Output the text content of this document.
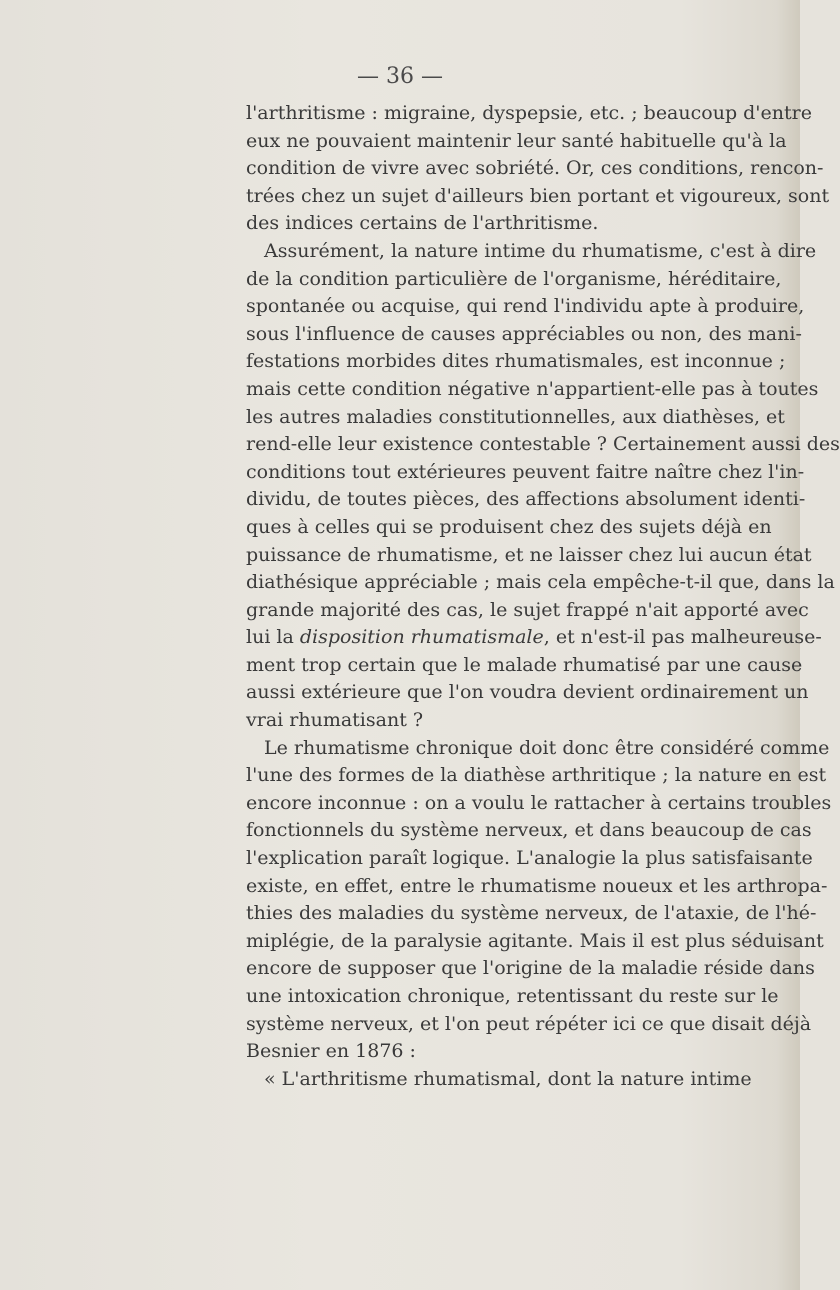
— 36 —
l'arthritisme : migraine, dyspepsie, etc. ; beaucoup d'entre
eux ne pouvaient maintenir leur santé habituelle qu'à la
condition de vivre avec sobriété. Or, ces conditions, rencon-
trées chez un sujet d'ailleurs bien portant et vigoureux, sont
des indices certains de l'arthritisme.
Assurément, la nature intime du rhumatisme, c'est à dire
de la condition particulière de l'organisme, héréditaire,
spontanée ou acquise, qui rend l'individu apte à produire,
sous l'influence de causes appréciables ou non, des mani-
festations morbides dites rhumatismales, est inconnue ;
mais cette condition négative n'appartient-elle pas à toutes
les autres maladies constitutionnelles, aux diathèses, et
rend-elle leur existence contestable ? Certainement aussi des
conditions tout extérieures peuvent faitre naître chez l'in-
dividu, de toutes pièces, des affections absolument identi-
ques à celles qui se produisent chez des sujets déjà en
puissance de rhumatisme, et ne laisser chez lui aucun état
diathésique appréciable ; mais cela empêche-t-il que, dans la
grande majorité des cas, le sujet frappé n'ait apporté avec
lui la disposition rhumatismale, et n'est-il pas malheureuse-
ment trop certain que le malade rhumatisé par une cause
aussi extérieure que l'on voudra devient ordinairement un
vrai rhumatisant ?
Le rhumatisme chronique doit donc être considéré comme
l'une des formes de la diathèse arthritique ; la nature en est
encore inconnue : on a voulu le rattacher à certains troubles
fonctionnels du système nerveux, et dans beaucoup de cas
l'explication paraît logique. L'analogie la plus satisfaisante
existe, en effet, entre le rhumatisme noueux et les arthropa-
thies des maladies du système nerveux, de l'ataxie, de l'hé-
miplégie, de la paralysie agitante. Mais il est plus séduisant
encore de supposer que l'origine de la maladie réside dans
une intoxication chronique, retentissant du reste sur le
système nerveux, et l'on peut répéter ici ce que disait déjà
Besnier en 1876 :
« L'arthritisme rhumatismal, dont la nature intime
